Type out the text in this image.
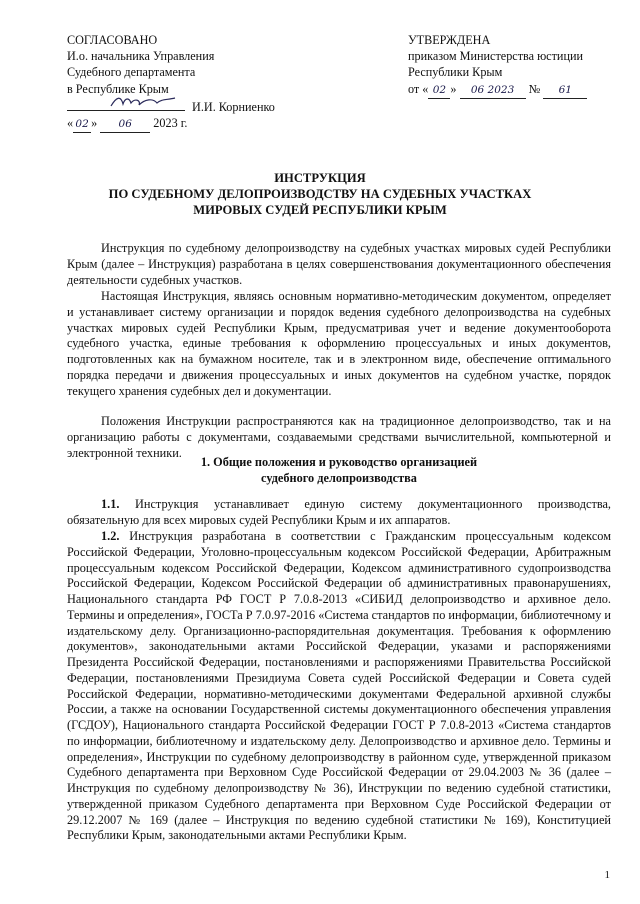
СОГЛАСОВАНО
И.о. начальника Управления
Судебного департамента
в Республике Крым
И.И. Корниенко
« 02 » 06 2023 г.
УТВЕРЖДЕНА
приказом Министерства юстиции
Республики Крым
от « 02 » 06 2023 № 61
ИНСТРУКЦИЯ
ПО СУДЕБНОМУ ДЕЛОПРОИЗВОДСТВУ НА СУДЕБНЫХ УЧАСТКАХ
МИРОВЫХ СУДЕЙ РЕСПУБЛИКИ КРЫМ
Инструкция по судебному делопроизводству на судебных участках мировых судей Республики Крым (далее – Инструкция) разработана в целях совершенствования документационного обеспечения деятельности судебных участков.
Настоящая Инструкция, являясь основным нормативно-методическим документом, определяет и устанавливает систему организации и порядок ведения судебного делопроизводства на судебных участках мировых судей Республики Крым, предусматривая учет и ведение документооборота судебного участка, единые требования к оформлению процессуальных и иных документов, подготовленных как на бумажном носителе, так и в электронном виде, обеспечение оптимального порядка передачи и движения процессуальных и иных документов на судебном участке, порядок текущего хранения судебных дел и документации.
Положения Инструкции распространяются как на традиционное делопроизводство, так и на организацию работы с документами, создаваемыми средствами вычислительной, компьютерной и электронной техники.
1. Общие положения и руководство организацией
судебного делопроизводства
1.1. Инструкция устанавливает единую систему документационного производства, обязательную для всех мировых судей Республики Крым и их аппаратов.
1.2. Инструкция разработана в соответствии с Гражданским процессуальным кодексом Российской Федерации, Уголовно-процессуальным кодексом Российской Федерации, Арбитражным процессуальным кодексом Российской Федерации, Кодексом административного судопроизводства Российской Федерации, Кодексом Российской Федерации об административных правонарушениях, Национального стандарта РФ ГОСТ Р 7.0.8-2013 «СИБИД делопроизводство и архивное дело. Термины и определения», ГОСТа Р 7.0.97-2016 «Система стандартов по информации, библиотечному и издательскому делу. Организационно-распорядительная документация. Требования к оформлению документов», законодательными актами Российской Федерации, указами и распоряжениями Президента Российской Федерации, постановлениями и распоряжениями Правительства Российской Федерации, постановлениями Президиума Совета судей Российской Федерации и Совета судей Российской Федерации, нормативно-методическими документами Федеральной архивной службы России, а также на основании Государственной системы документационного обеспечения управления (ГСДОУ), Национального стандарта Российской Федерации ГОСТ Р 7.0.8-2013 «Система стандартов по информации, библиотечному и издательскому делу. Делопроизводство и архивное дело. Термины и определения», Инструкции по судебному делопроизводству в районном суде, утвержденной приказом Судебного департамента при Верховном Суде Российской Федерации от 29.04.2003 № 36 (далее – Инструкция по судебному делопроизводству № 36), Инструкции по ведению судебной статистики, утвержденной приказом Судебного департамента при Верховном Суде Российской Федерации от 29.12.2007 № 169 (далее – Инструкция по ведению судебной статистики № 169), Конституцией Республики Крым, законодательными актами Республики Крым.
1
